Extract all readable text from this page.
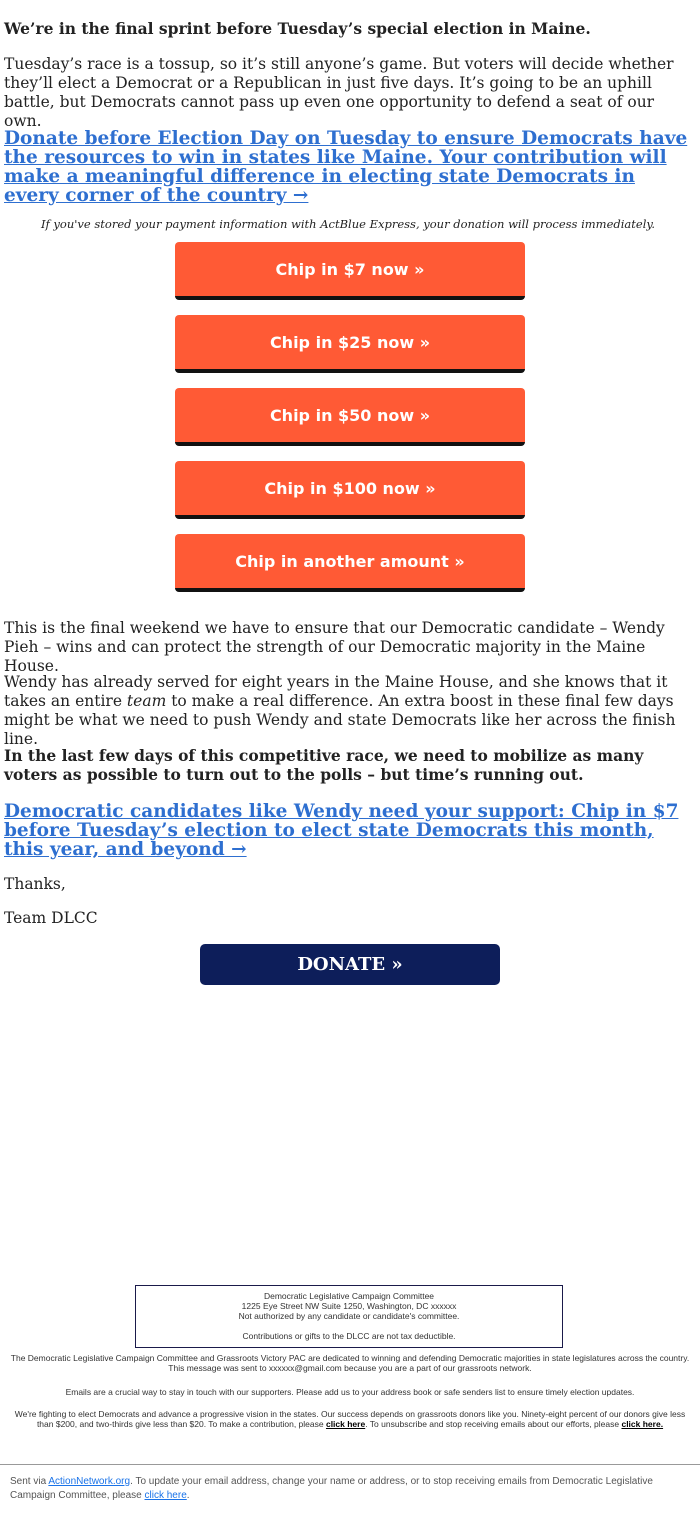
We’re in the final sprint before Tuesday’s special election in Maine.

Tuesday’s race is a tossup, so it’s still anyone’s game. But voters will decide whether they’ll elect a Democrat or a Republican in just five days. It’s going to be an uphill battle, but Democrats cannot pass up even one opportunity to defend a seat of our own.

Donate before Election Day on Tuesday to ensure Democrats have the resources to win in states like Maine. Your contribution will make a meaningful difference in electing state Democrats in every corner of the country →

If you've stored your payment information with ActBlue Express, your donation will process immediately.

Chip in $7 now »
Chip in $25 now »
Chip in $50 now »
Chip in $100 now »
Chip in another amount »

This is the final weekend we have to ensure that our Democratic candidate – Wendy Pieh – wins and can protect the strength of our Democratic majority in the Maine House.

Wendy has already served for eight years in the Maine House, and she knows that it takes an entire team to make a real difference. An extra boost in these final few days might be what we need to push Wendy and state Democrats like her across the finish line.

In the last few days of this competitive race, we need to mobilize as many voters as possible to turn out to the polls – but time’s running out.

Democratic candidates like Wendy need your support: Chip in $7 before Tuesday’s election to elect state Democrats this month, this year, and beyond →

Thanks,

Team DLCC

DONATE »
Democratic Legislative Campaign Committee
1225 Eye Street NW Suite 1250, Washington, DC xxxxxx
Not authorized by any candidate or candidate's committee.
Contributions or gifts to the DLCC are not tax deductible.

The Democratic Legislative Campaign Committee and Grassroots Victory PAC are dedicated to winning and defending Democratic majorities in state legislatures across the country. This message was sent to xxxxxx@gmail.com because you are a part of our grassroots network.

Emails are a crucial way to stay in touch with our supporters. Please add us to your address book or safe senders list to ensure timely election updates.

We're fighting to elect Democrats and advance a progressive vision in the states. Our success depends on grassroots donors like you. Ninety-eight percent of our donors give less than $200, and two-thirds give less than $20. To make a contribution, please click here. To unsubscribe and stop receiving emails about our efforts, please click here.

Sent via ActionNetwork.org. To update your email address, change your name or address, or to stop receiving emails from Democratic Legislative Campaign Committee, please click here.
